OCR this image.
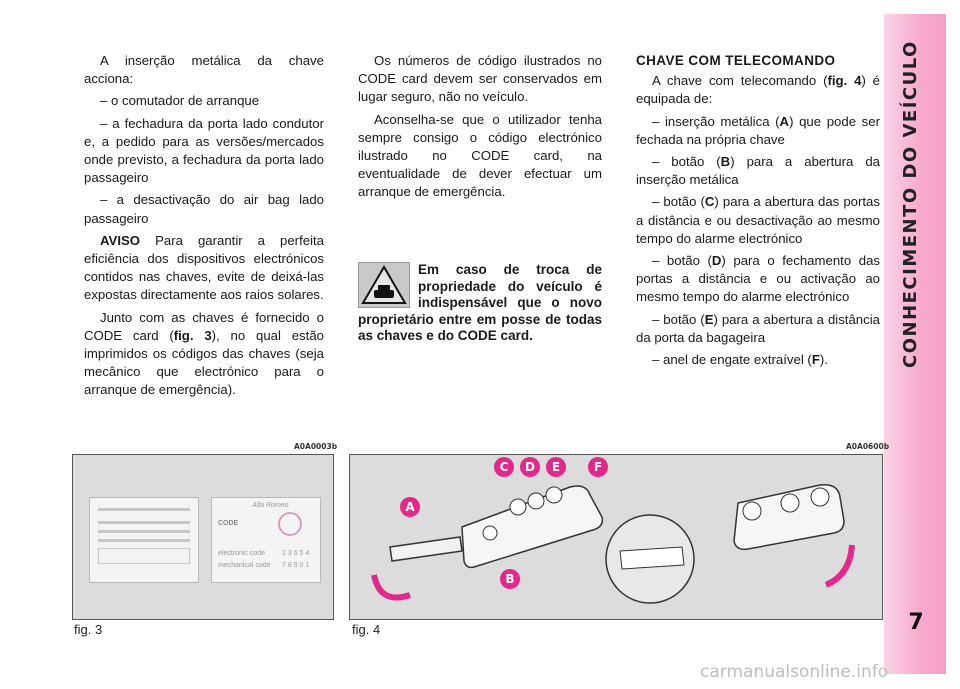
CONHECIMENTO DO VEÍCULO
7

A inserção metálica da chave acciona:

– o comutador de arranque

– a fechadura da porta lado condutor e, a pedido para as versões/mercados onde previsto, a fechadura da porta lado passageiro

– a desactivação do air bag lado passageiro

AVISO Para garantir a perfeita eficiência dos dispositivos electrónicos contidos nas chaves, evite de deixá-las expostas directamente aos raios solares.

Junto com as chaves é fornecido o CODE card (fig. 3), no qual estão imprimidos os códigos das chaves (seja mecânico que electrónico para o arranque de emergência).

Os números de código ilustrados no CODE card devem ser conservados em lugar seguro, não no veículo.

Aconselha-se que o utilizador tenha sempre consigo o código electrónico ilustrado no CODE card, na eventualidade de dever efectuar um arranque de emergência.

Em caso de troca de propriedade do veículo é indispensável que o novo proprietário entre em posse de todas as chaves e do CODE card.
CHAVE COM TELECOMANDO

A chave com telecomando (fig. 4) é equipada de:

– inserção metálica (A) que pode ser fechada na própria chave

– botão (B) para a abertura da inserção metálica

– botão (C) para a abertura das portas a distância e ou desactivação ao mesmo tempo do alarme electrónico

– botão (D) para o fechamento das portas a distância e ou activação ao mesmo tempo do alarme electrónico

– botão (E) para a abertura a distância da porta da bagageira

– anel de engate extraível (F).

A0A0003b
Alfa Romeo
CODE
electronic code 2 3 6 5 4
mechanical code 7 8 9 0 1
fig. 3
A0A0600b
A
B
C	D	E	F
fig. 4
carmanualsonline.info
